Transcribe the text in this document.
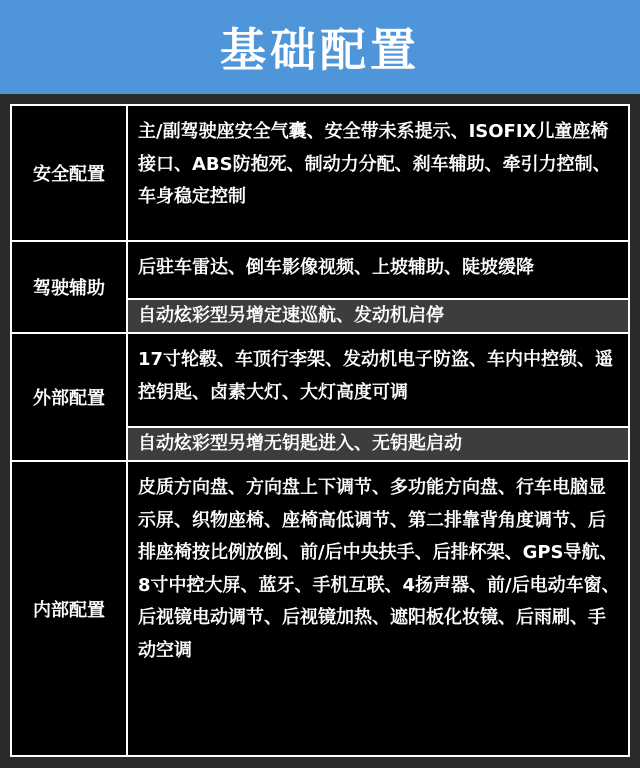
基础配置
安全配置
主/副驾驶座安全气囊、安全带未系提示、ISOFIX儿童座椅接口、ABS防抱死、制动力分配、刹车辅助、牵引力控制、车身稳定控制
驾驶辅助
后驻车雷达、倒车影像视频、上坡辅助、陡坡缓降
自动炫彩型另增定速巡航、发动机启停
外部配置
17寸轮毂、车顶行李架、发动机电子防盗、车内中控锁、遥控钥匙、卤素大灯、大灯高度可调
自动炫彩型另增无钥匙进入、无钥匙启动
内部配置
皮质方向盘、方向盘上下调节、多功能方向盘、行车电脑显示屏、织物座椅、座椅高低调节、第二排靠背角度调节、后排座椅按比例放倒、前/后中央扶手、后排杯架、GPS导航、8寸中控大屏、蓝牙、手机互联、4扬声器、前/后电动车窗、后视镜电动调节、后视镜加热、遮阳板化妆镜、后雨刷、手动空调
